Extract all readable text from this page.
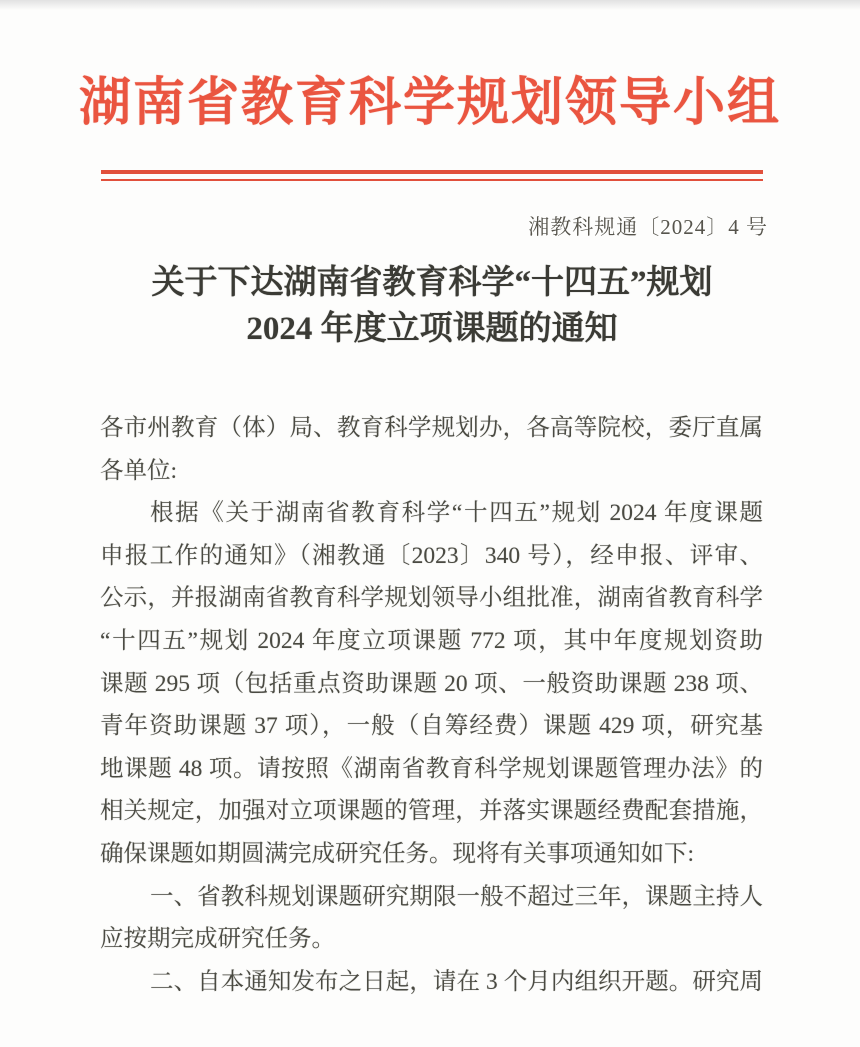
湖南省教育科学规划领导小组
湘教科规通〔2024〕4 号
关于下达湖南省教育科学“十四五”规划
2024 年度立项课题的通知
各市州教育（体）局、教育科学规划办，各高等院校，委厅直属
各单位:
根据《关于湖南省教育科学“十四五”规划 2024 年度课题
申报工作的通知》（湘教通〔2023〕340 号），经申报、评审、
公示，并报湖南省教育科学规划领导小组批准，湖南省教育科学
“十四五”规划 2024 年度立项课题 772 项，其中年度规划资助
课题 295 项（包括重点资助课题 20 项、一般资助课题 238 项、
青年资助课题 37 项），一般（自筹经费）课题 429 项，研究基
地课题 48 项。请按照《湖南省教育科学规划课题管理办法》的
相关规定，加强对立项课题的管理，并落实课题经费配套措施，
确保课题如期圆满完成研究任务。现将有关事项通知如下:
一、省教科规划课题研究期限一般不超过三年，课题主持人
应按期完成研究任务。
二、自本通知发布之日起，请在 3 个月内组织开题。研究周
